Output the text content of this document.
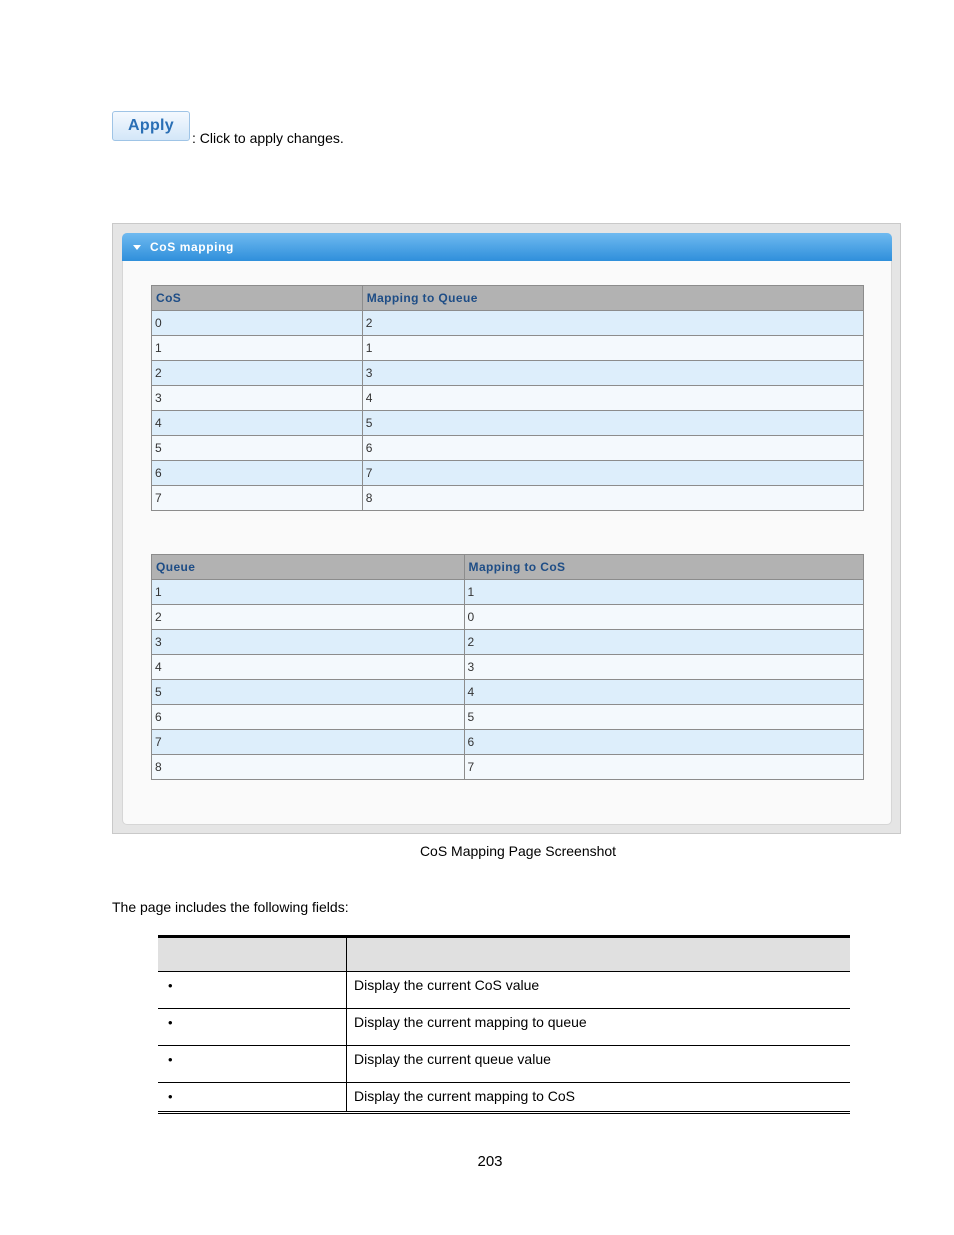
Apply
: Click to apply changes.
CoS mapping
CoS	Mapping to Queue
0	2
1	1
2	3
3	4
4	5
5	6
6	7
7	8
Queue	Mapping to CoS
1	1
2	0
3	2
4	3
5	4
6	5
7	6
8	7
CoS Mapping Page Screenshot
The page includes the following fields:

•	Display the current CoS value
•	Display the current mapping to queue
•	Display the current queue value
•	Display the current mapping to CoS
203
